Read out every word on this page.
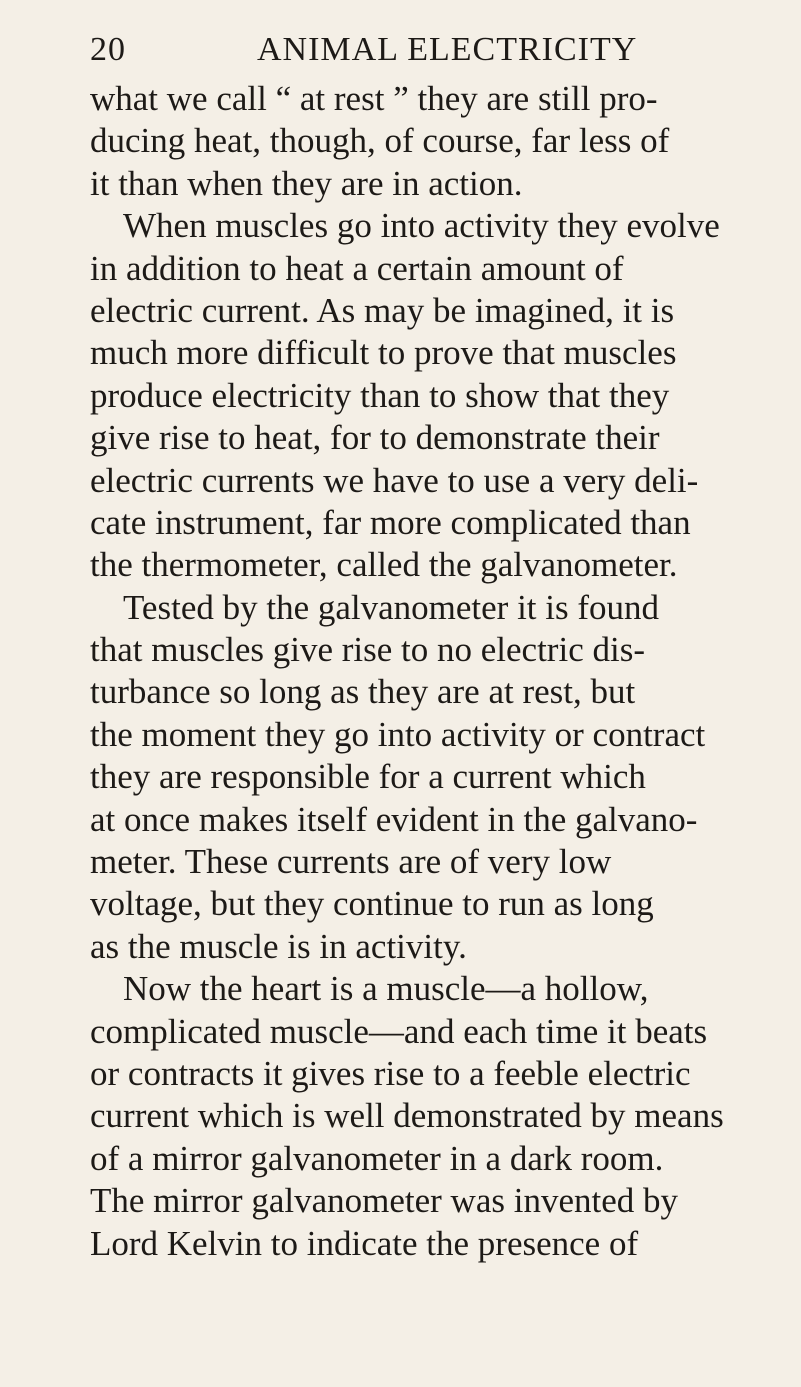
20	ANIMAL ELECTRICITY
what we call “ at rest ” they are still pro-
ducing heat, though, of course, far less of
it than when they are in action.
When muscles go into activity they evolve
in addition to heat a certain amount of
electric current. As may be imagined, it is
much more difficult to prove that muscles
produce electricity than to show that they
give rise to heat, for to demonstrate their
electric currents we have to use a very deli-
cate instrument, far more complicated than
the thermometer, called the galvanometer.
Tested by the galvanometer it is found
that muscles give rise to no electric dis-
turbance so long as they are at rest, but
the moment they go into activity or contract
they are responsible for a current which
at once makes itself evident in the galvano-
meter. These currents are of very low
voltage, but they continue to run as long
as the muscle is in activity.
Now the heart is a muscle—a hollow,
complicated muscle—and each time it beats
or contracts it gives rise to a feeble electric
current which is well demonstrated by means
of a mirror galvanometer in a dark room.
The mirror galvanometer was invented by
Lord Kelvin to indicate the presence of
